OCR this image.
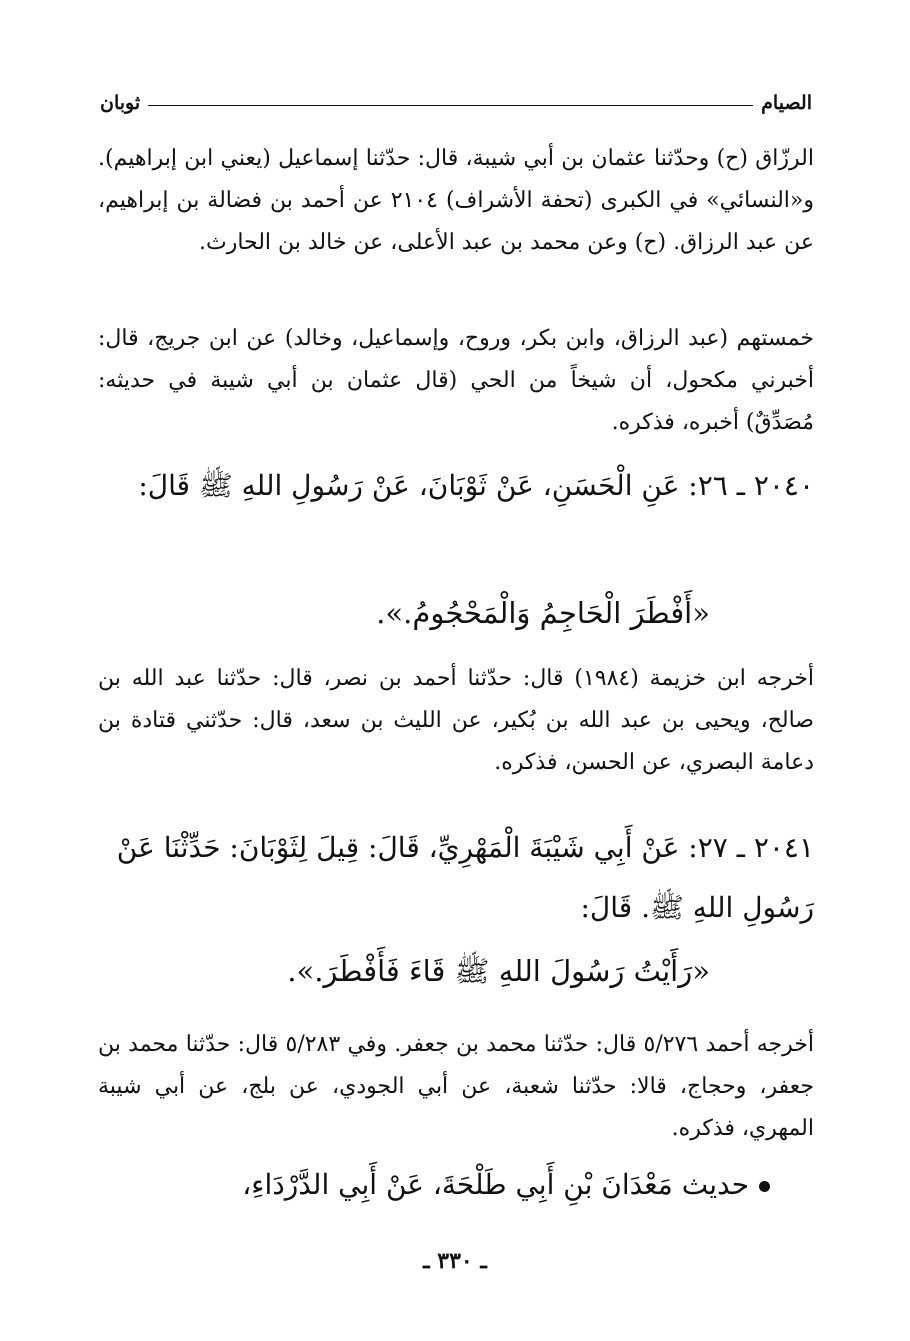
الصيام
ثوبان

الرزّاق (ح) وحدّثنا عثمان بن أبي شيبة، قال: حدّثنا إسماعيل (يعني ابن إبراهيم). و«النسائي» في الكبرى (تحفة الأشراف) ٢١٠٤ عن أحمد بن فضالة بن إبراهيم، عن عبد الرزاق. (ح) وعن محمد بن عبد الأعلى، عن خالد بن الحارث.

خمستهم (عبد الرزاق، وابن بكر، وروح، وإسماعيل، وخالد) عن ابن جريج، قال: أخبرني مكحول، أن شيخاً من الحي (قال عثمان بن أبي شيبة في حديثه: مُصَدِّقٌ) أخبره، فذكره.

٢٠٤٠ ـ ٢٦: عَنِ الْحَسَنِ، عَنْ ثَوْبَانَ، عَنْ رَسُولِ اللهِ ﷺ قَالَ:

«أَفْطَرَ الْحَاجِمُ وَالْمَحْجُومُ.».

أخرجه ابن خزيمة (١٩٨٤) قال: حدّثنا أحمد بن نصر، قال: حدّثنا عبد الله بن صالح، ويحيى بن عبد الله بن بُكير، عن الليث بن سعد، قال: حدّثني قتادة بن دعامة البصري، عن الحسن، فذكره.

٢٠٤١ ـ ٢٧: عَنْ أَبِي شَيْبَةَ الْمَهْرِيِّ، قَالَ: قِيلَ لِثَوْبَانَ: حَدِّثْنَا عَنْ رَسُولِ اللهِ ﷺ. قَالَ:

«رَأَيْتُ رَسُولَ اللهِ ﷺ قَاءَ فَأَفْطَرَ.».

أخرجه أحمد ٥/٢٧٦ قال: حدّثنا محمد بن جعفر. وفي ٥/٢٨٣ قال: حدّثنا محمد بن جعفر، وحجاج، قالا: حدّثنا شعبة، عن أبي الجودي، عن بلج، عن أبي شيبة المهري، فذكره.

حديث مَعْدَانَ بْنِ أَبِي طَلْحَةَ، عَنْ أَبِي الدَّرْدَاءِ،
ـ ٣٣٠ ـ
